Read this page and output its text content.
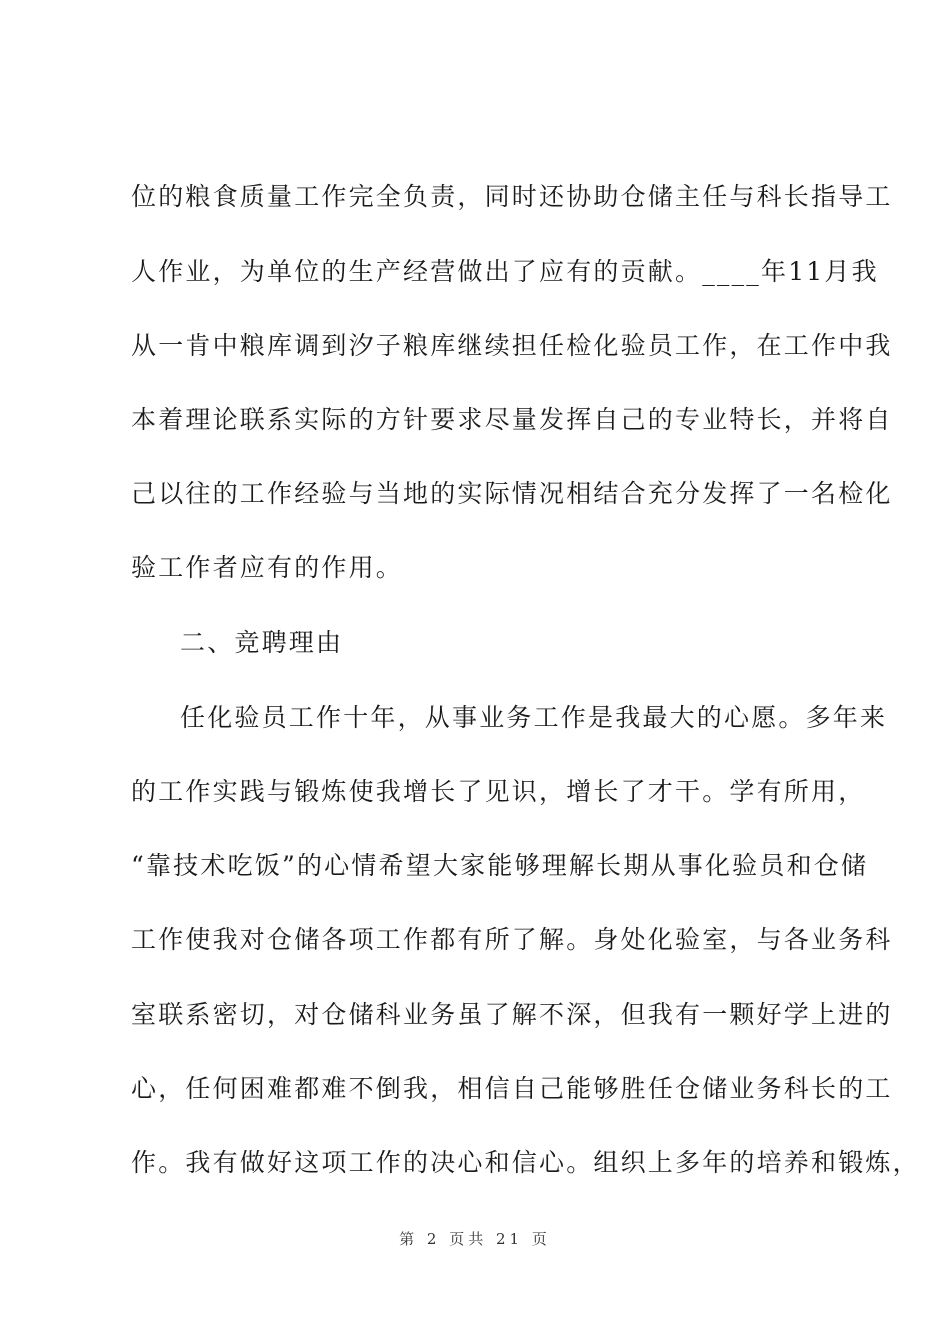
位的粮食质量工作完全负责，同时还协助仓储主任与科长指导工
人作业，为单位的生产经营做出了应有的贡献。____年11月我
从一肯中粮库调到汐子粮库继续担任检化验员工作，在工作中我
本着理论联系实际的方针要求尽量发挥自己的专业特长，并将自
己以往的工作经验与当地的实际情况相结合充分发挥了一名检化
验工作者应有的作用。
二、竞聘理由
任化验员工作十年，从事业务工作是我最大的心愿。多年来
的工作实践与锻炼使我增长了见识，增长了才干。学有所用，
“靠技术吃饭”的心情希望大家能够理解长期从事化验员和仓储
工作使我对仓储各项工作都有所了解。身处化验室，与各业务科
室联系密切，对仓储科业务虽了解不深，但我有一颗好学上进的
心，任何困难都难不倒我，相信自己能够胜任仓储业务科长的工
作。我有做好这项工作的决心和信心。组织上多年的培养和锻炼，
第 2 页共 21 页
